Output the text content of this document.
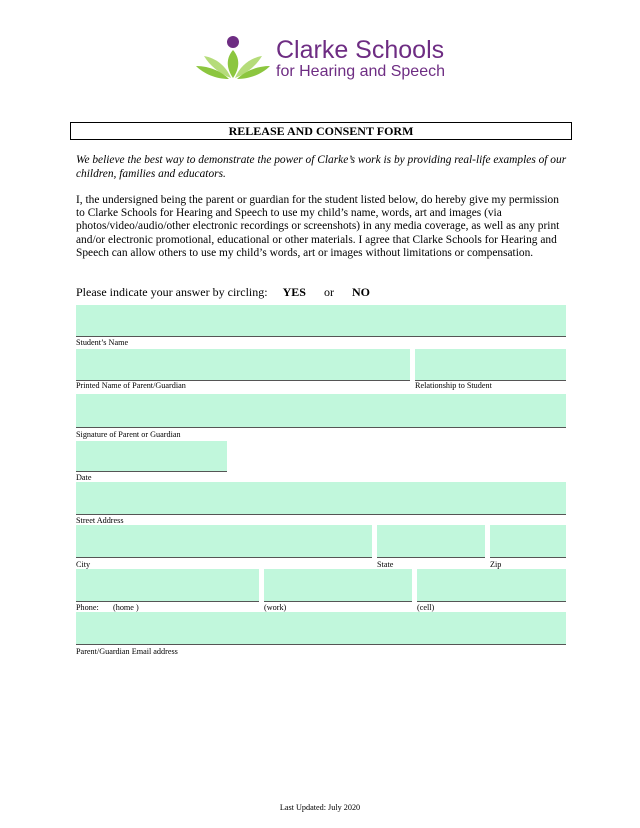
Clarke Schools
for Hearing and Speech
RELEASE AND CONSENT FORM
We believe the best way to demonstrate the power of Clarke’s work is by providing real-life examples of our children, families and educators.
I, the undersigned being the parent or guardian for the student listed below, do hereby give my permission to Clarke Schools for Hearing and Speech to use my child’s name, words, art and images (via photos/video/audio/other electronic recordings or screenshots) in any media coverage, as well as any print and/or electronic promotional, educational or other materials. I agree that Clarke Schools for Hearing and Speech can allow others to use my child’s words, art or images without limitations or compensation.
Please indicate your answer by circling: YES or NO
Student’s Name
Printed Name of Parent/Guardian	Relationship to Student
Signature of Parent or Guardian
Date
Street Address
City	State	Zip
Phone: (home )	(work)	(cell)
Parent/Guardian Email address
Last Updated: July 2020
